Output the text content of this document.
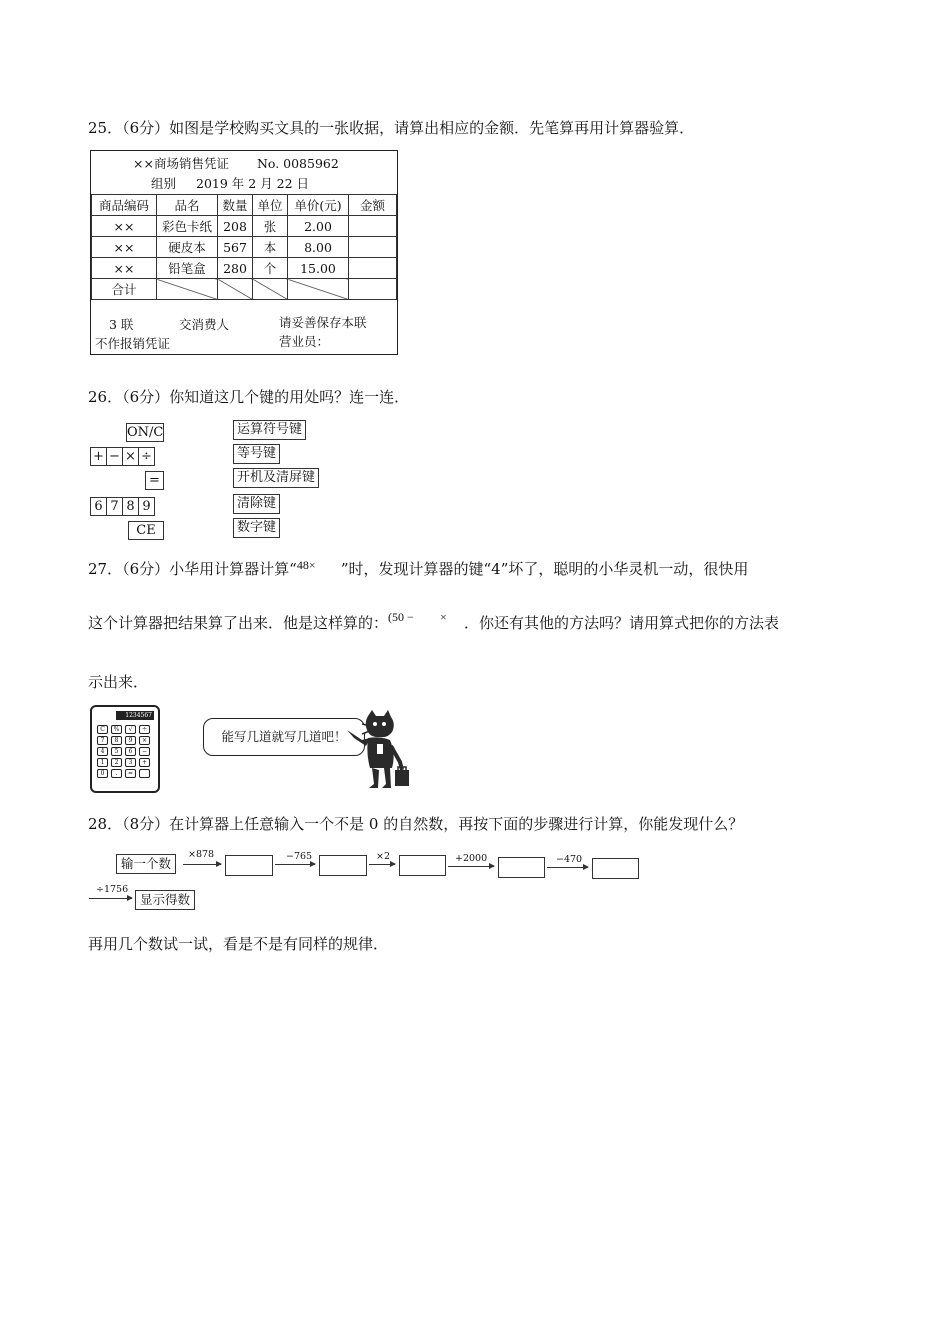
25．（6分）如图是学校购买文具的一张收据，请算出相应的金额．先笔算再用计算器验算．
××商场销售凭证 No. 0085962
组别 2019 年 2 月 22 日
商品编码	品名	数量	单位	单价(元)	金额
××	彩色卡纸	208	张	2.00	
××	硬皮本	567	本	8.00	
××	铅笔盒	280	个	15.00	
合计					
3 联	交消费人	请妥善保存本联
不作报销凭证	营业员：
26．（6分）你知道这几个键的用处吗？连一连．
ON/C
+ − × ÷
=
6 7 8 9
CE
运算符号键
等号键
开机及清屏键
清除键
数字键
27．（6分）小华用计算器计算“48× ”时，发现计算器的键“4”坏了，聪明的小华灵机一动，很快用
这个计算器把结果算了出来．他是这样算的：(50 − × ．你还有其他的方法吗？请用算式把你的方法表
示出来．
1234567
C	%	√	÷
7	8	9	×
4	5	6	−
1	2	3	+
0	.	=
能写几道就写几道吧！
28．（8分）在计算器上任意输入一个不是 0 的自然数，再按下面的步骤进行计算，你能发现什么？
输一个数
×878	−765	×2	+2000	−470
÷1756
显示得数
再用几个数试一试，看是不是有同样的规律．
